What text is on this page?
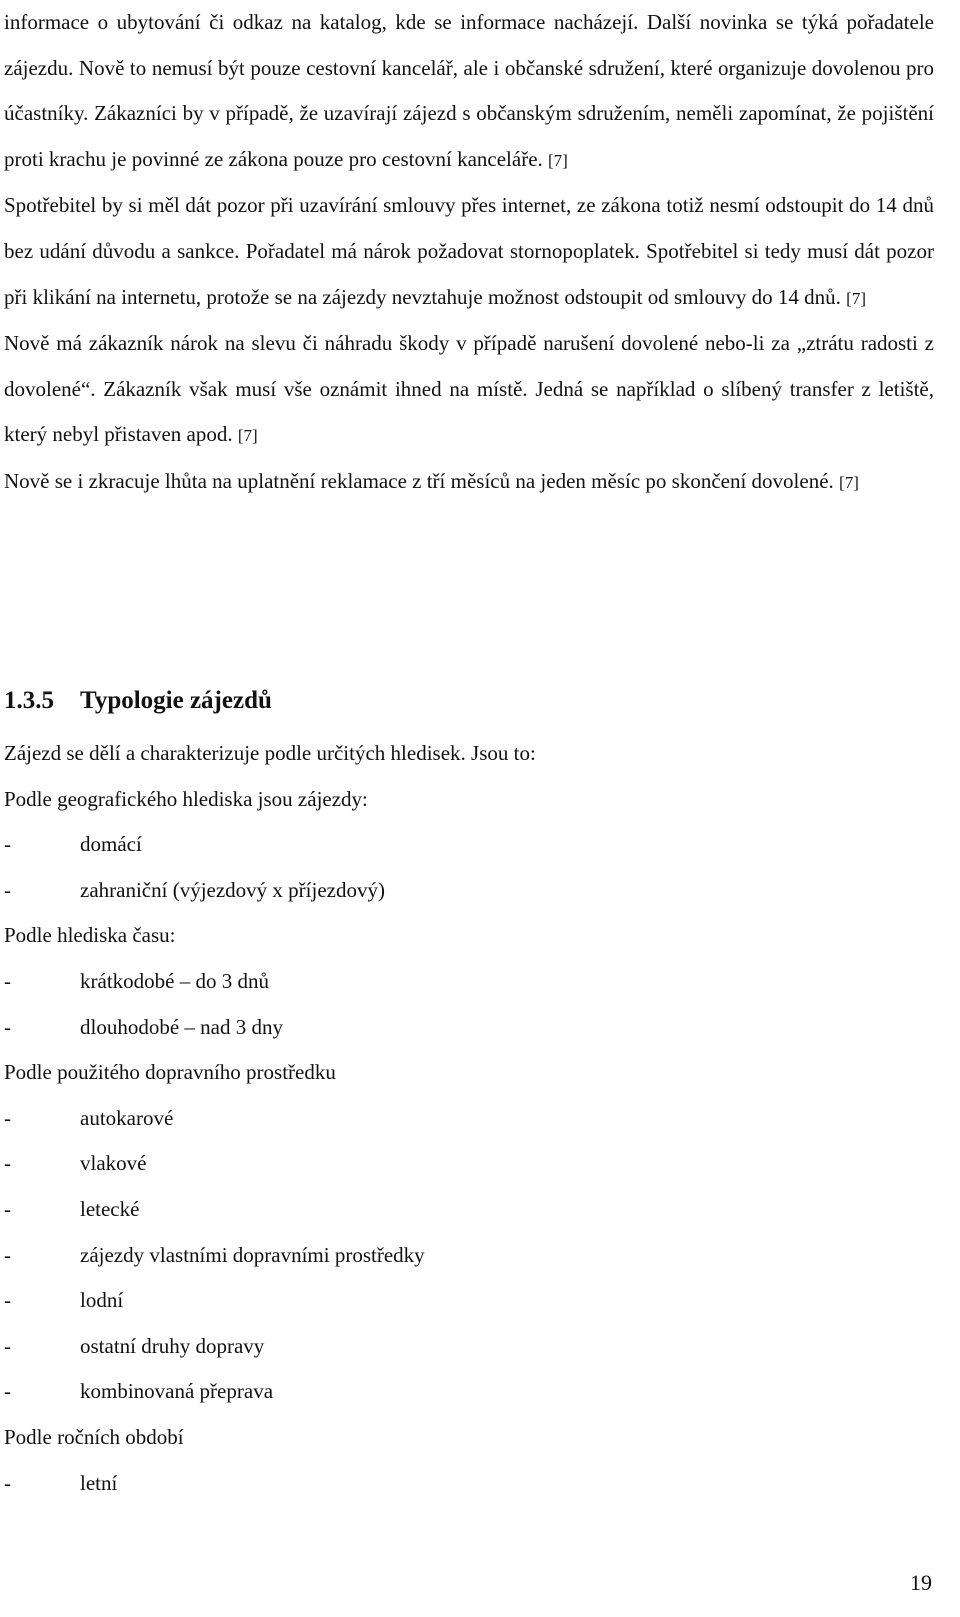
informace o ubytování či odkaz na katalog, kde se informace nacházejí. Další novinka se týká pořadatele zájezdu. Nově to nemusí být pouze cestovní kancelář, ale i občanské sdružení, které organizuje dovolenou pro účastníky. Zákazníci by v případě, že uzavírají zájezd s občanským sdružením, neměli zapomínat, že pojištění proti krachu je povinné ze zákona pouze pro cestovní kanceláře. [7]

Spotřebitel by si měl dát pozor při uzavírání smlouvy přes internet, ze zákona totiž nesmí odstoupit do 14 dnů bez udání důvodu a sankce. Pořadatel má nárok požadovat stornopoplatek. Spotřebitel si tedy musí dát pozor při klikání na internetu, protože se na zájezdy nevztahuje možnost odstoupit od smlouvy do 14 dnů. [7]

Nově má zákazník nárok na slevu či náhradu škody v případě narušení dovolené nebo-li za „ztrátu radosti z dovolené“. Zákazník však musí vše oznámit ihned na místě. Jedná se například o slíbený transfer z letiště, který nebyl přistaven apod. [7]

Nově se i zkracuje lhůta na uplatnění reklamace z tří měsíců na jeden měsíc po skončení dovolené. [7]

1.3.5 Typologie zájezdů

Zájezd se dělí a charakterizuje podle určitých hledisek. Jsou to:

Podle geografického hlediska jsou zájezdy:

-	domácí

-	zahraniční (výjezdový x příjezdový)

Podle hlediska času:

-	krátkodobé – do 3 dnů

-	dlouhodobé – nad 3 dny

Podle použitého dopravního prostředku

-	autokarové

-	vlakové

-	letecké

-	zájezdy vlastními dopravními prostředky

-	lodní

-	ostatní druhy dopravy

-	kombinovaná přeprava

Podle ročních období

-	letní

19
